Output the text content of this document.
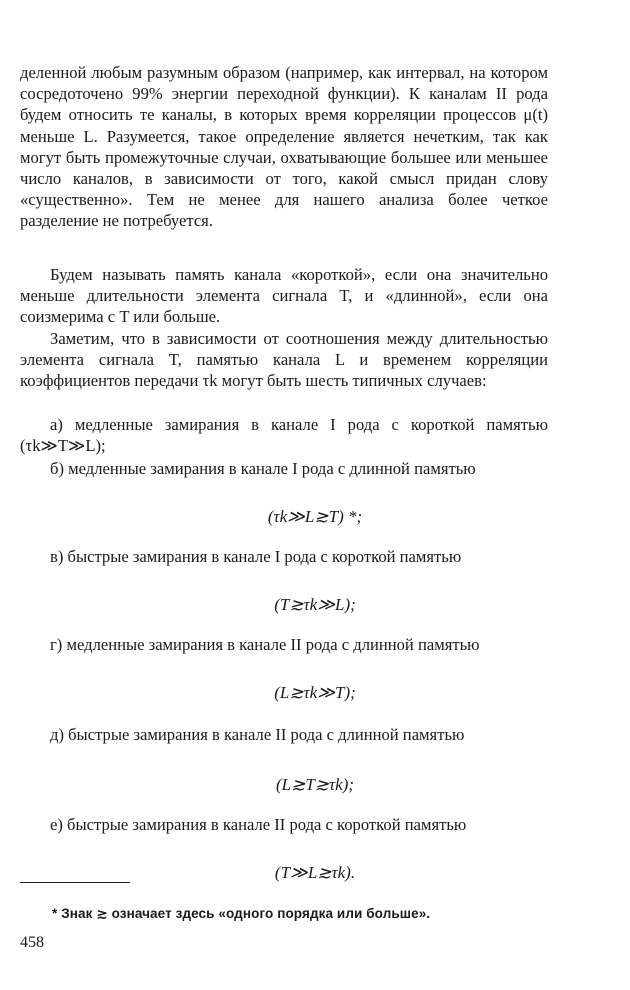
деленной любым разумным образом (например, как интервал, на котором сосредоточено 99% энергии переходной функции). К каналам II рода будем относить те каналы, в которых время корреляции процессов μ(t) меньше L. Разумеется, такое определение является нечетким, так как могут быть промежуточные случаи, охватывающие большее или меньшее число каналов, в зависимости от того, какой смысл придан слову «существенно». Тем не менее для нашего анализа более четкое разделение не потребуется.
Будем называть память канала «короткой», если она значительно меньше длительности элемента сигнала T, и «длинной», если она соизмерима с T или больше.
Заметим, что в зависимости от соотношения между длительностью элемента сигнала T, памятью канала L и временем корреляции коэффициентов передачи τk могут быть шесть типичных случаев:
а) медленные замирания в канале I рода с короткой памятью (τk≫T≫L);
б) медленные замирания в канале I рода с длинной памятью
(τk≫L≳T) *;
в) быстрые замирания в канале I рода с короткой памятью
(T≳τk≫L);
г) медленные замирания в канале II рода с длинной памятью
(L≳τk≫T);
д) быстрые замирания в канале II рода с длинной памятью
(L≳T≳τk);
е) быстрые замирания в канале II рода с короткой памятью
(T≫L≳τk).
* Знак ≳ означает здесь «одного порядка или больше».
458
